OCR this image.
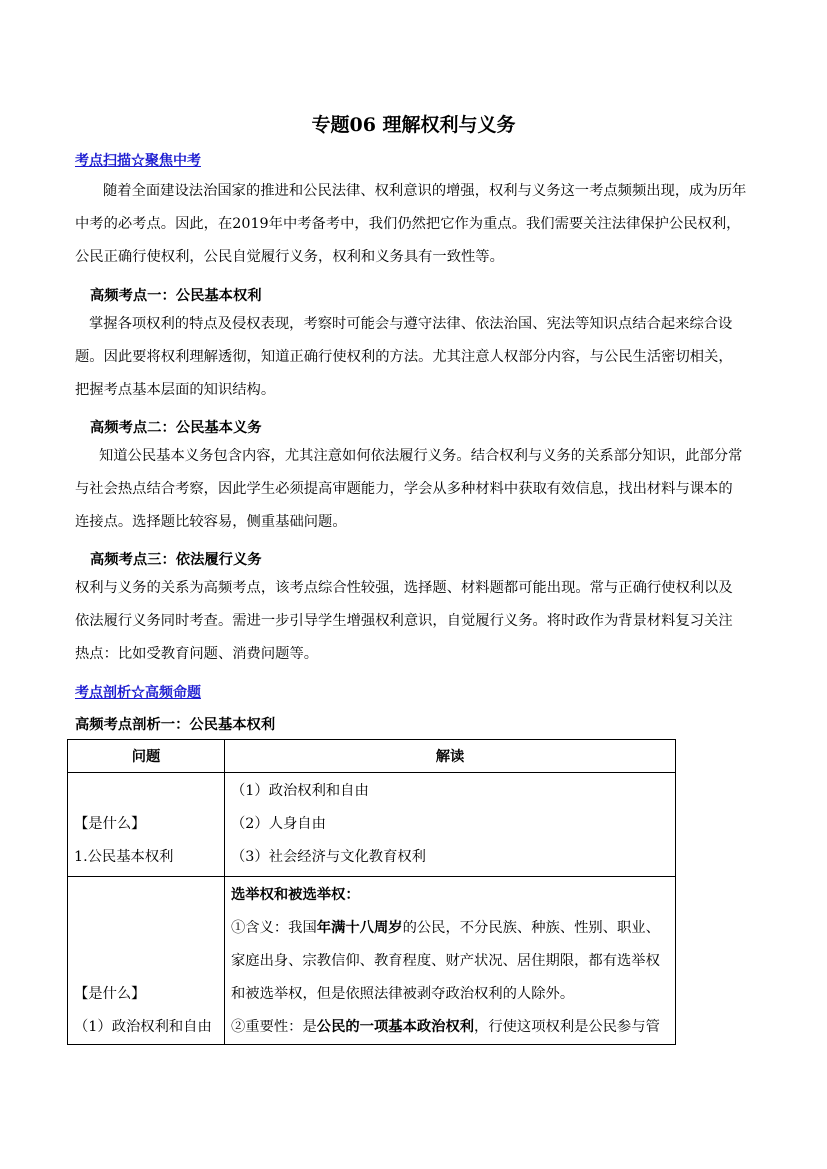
专题06 理解权利与义务
考点扫描☆聚焦中考
随着全面建设法治国家的推进和公民法律、权利意识的增强，权利与义务这一考点频频出现，成为历年
中考的必考点。因此，在2019年中考备考中，我们仍然把它作为重点。我们需要关注法律保护公民权利，
公民正确行使权利，公民自觉履行义务，权利和义务具有一致性等。
高频考点一：公民基本权利
掌握各项权利的特点及侵权表现，考察时可能会与遵守法律、依法治国、宪法等知识点结合起来综合设
题。因此要将权利理解透彻，知道正确行使权利的方法。尤其注意人权部分内容，与公民生活密切相关，
把握考点基本层面的知识结构。
高频考点二：公民基本义务
知道公民基本义务包含内容，尤其注意如何依法履行义务。结合权利与义务的关系部分知识，此部分常
与社会热点结合考察，因此学生必须提高审题能力，学会从多种材料中获取有效信息，找出材料与课本的
连接点。选择题比较容易，侧重基础问题。
高频考点三：依法履行义务
权利与义务的关系为高频考点，该考点综合性较强，选择题、材料题都可能出现。常与正确行使权利以及
依法履行义务同时考查。需进一步引导学生增强权利意识，自觉履行义务。将时政作为背景材料复习关注
热点：比如受教育问题、消费问题等。
考点剖析☆高频命题
高频考点剖析一：公民基本权利
问题	解读

【是什么】
1.公民基本权利	（1）政治权利和自由
（2）人身自由
（3）社会经济与文化教育权利

【是什么】
（1）政治权利和自由	选举权和被选举权：
①含义：我国年满十八周岁的公民，不分民族、种族、性别、职业、
家庭出身、宗教信仰、教育程度、财产状况、居住期限，都有选举权
和被选举权，但是依照法律被剥夺政治权利的人除外。
②重要性：是公民的一项基本政治权利，行使这项权利是公民参与管
